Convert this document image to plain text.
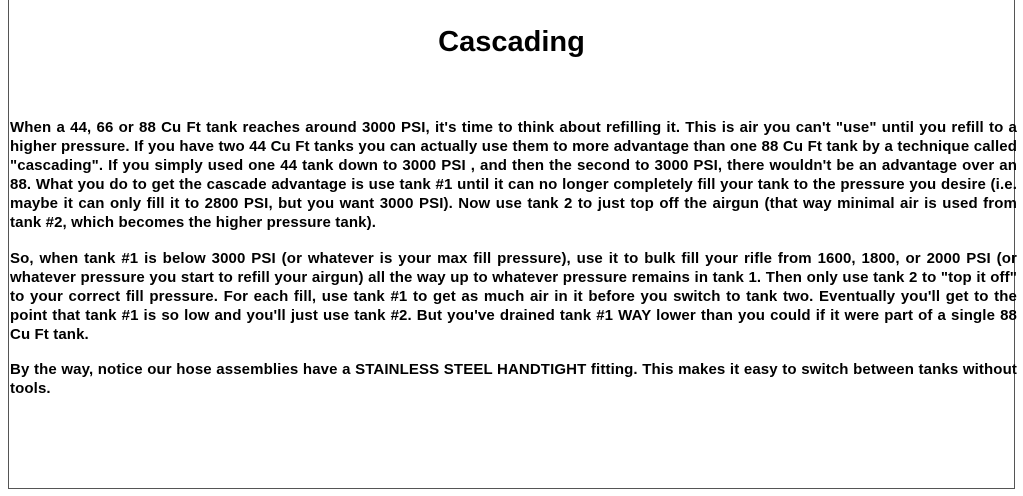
Cascading

When a 44, 66 or 88 Cu Ft tank reaches around 3000 PSI, it's time to think about refilling it. This is air you can't "use" until you refill to a higher pressure. If you have two 44 Cu Ft tanks you can actually use them to more advantage than one 88 Cu Ft tank by a technique called "cascading". If you simply used one 44 tank down to 3000 PSI , and then the second to 3000 PSI, there wouldn't be an advantage over an 88. What you do to get the cascade advantage is use tank #1 until it can no longer completely fill your tank to the pressure you desire (i.e. maybe it can only fill it to 2800 PSI, but you want 3000 PSI). Now use tank 2 to just top off the airgun (that way minimal air is used from tank #2, which becomes the higher pressure tank).

So, when tank #1 is below 3000 PSI (or whatever is your max fill pressure), use it to bulk fill your rifle from 1600, 1800, or 2000 PSI (or whatever pressure you start to refill your airgun) all the way up to whatever pressure remains in tank 1. Then only use tank 2 to "top it off" to your correct fill pressure. For each fill, use tank #1 to get as much air in it before you switch to tank two. Eventually you'll get to the point that tank #1 is so low and you'll just use tank #2. But you've drained tank #1 WAY lower than you could if it were part of a single 88 Cu Ft tank.

By the way, notice our hose assemblies have a STAINLESS STEEL HANDTIGHT fitting. This makes it easy to switch between tanks without tools.
